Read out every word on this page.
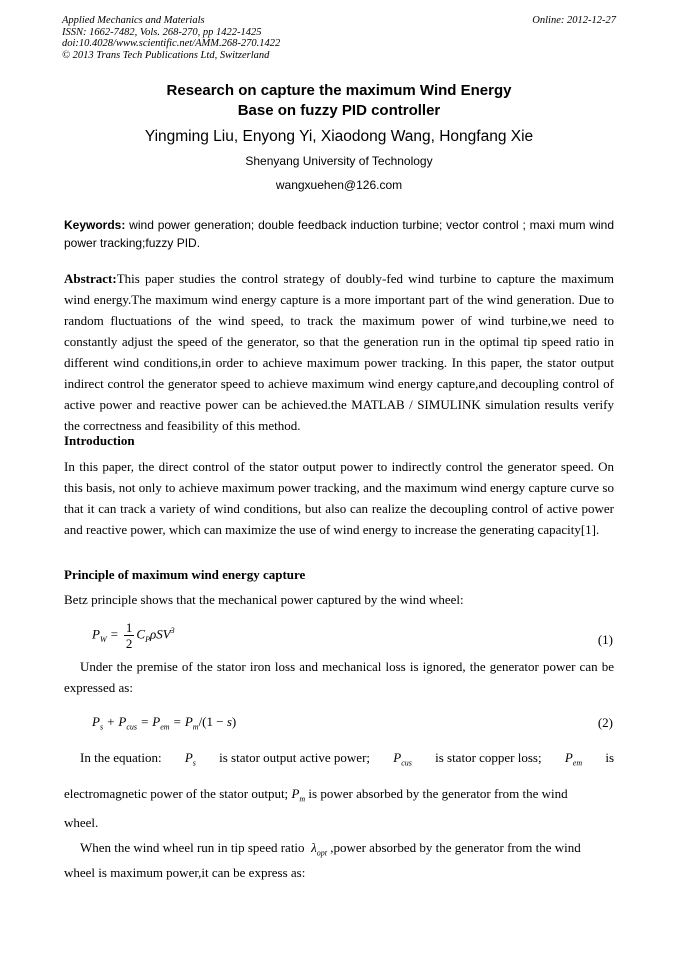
Applied Mechanics and Materials
ISSN: 1662-7482, Vols. 268-270, pp 1422-1425
doi:10.4028/www.scientific.net/AMM.268-270.1422
© 2013 Trans Tech Publications Ltd, Switzerland
Online: 2012-12-27
Research on capture the maximum Wind Energy
Base on fuzzy PID controller
Yingming Liu, Enyong Yi, Xiaodong Wang, Hongfang Xie
Shenyang University of Technology
wangxuehen@126.com
Keywords: wind power generation; double feedback induction turbine; vector control ; maxi mum wind power tracking;fuzzy PID.
Abstract:This paper studies the control strategy of doubly-fed wind turbine to capture the maximum wind energy.The maximum wind energy capture is a more important part of the wind generation. Due to random fluctuations of the wind speed, to track the maximum power of wind turbine,we need to constantly adjust the speed of the generator, so that the generation run in the optimal tip speed ratio in different wind conditions,in order to achieve maximum power tracking. In this paper, the stator output indirect control the generator speed to achieve maximum wind energy capture,and decoupling control of active power and reactive power can be achieved.the MATLAB / SIMULINK simulation results verify the correctness and feasibility of this method.
Introduction
In this paper, the direct control of the stator output power to indirectly control the generator speed. On this basis, not only to achieve maximum power tracking, and the maximum wind energy capture curve so that it can track a variety of wind conditions, but also can realize the decoupling control of active power and reactive power, which can maximize the use of wind energy to increase the generating capacity[1].
Principle of maximum wind energy capture
Betz principle shows that the mechanical power captured by the wind wheel:
$P_W = \frac{1}{2} C_P\rho SV^3$
(1)
Under the premise of the stator iron loss and mechanical loss is ignored, the generator power can be expressed as:
$P_s + P_{cus} = P_{em} = P_m/(1 - s)$	(2)
In the equation: $P_s$ is stator output active power; $P_{cus}$ is stator copper loss; $P_{em}$ is
electromagnetic power of the stator output; $P_m$ is power absorbed by the generator from the wind
wheel.
When the wind wheel run in tip speed ratio $\lambda_{opt}$ ,power absorbed by the generator from the wind
wheel is maximum power,it can be express as:
